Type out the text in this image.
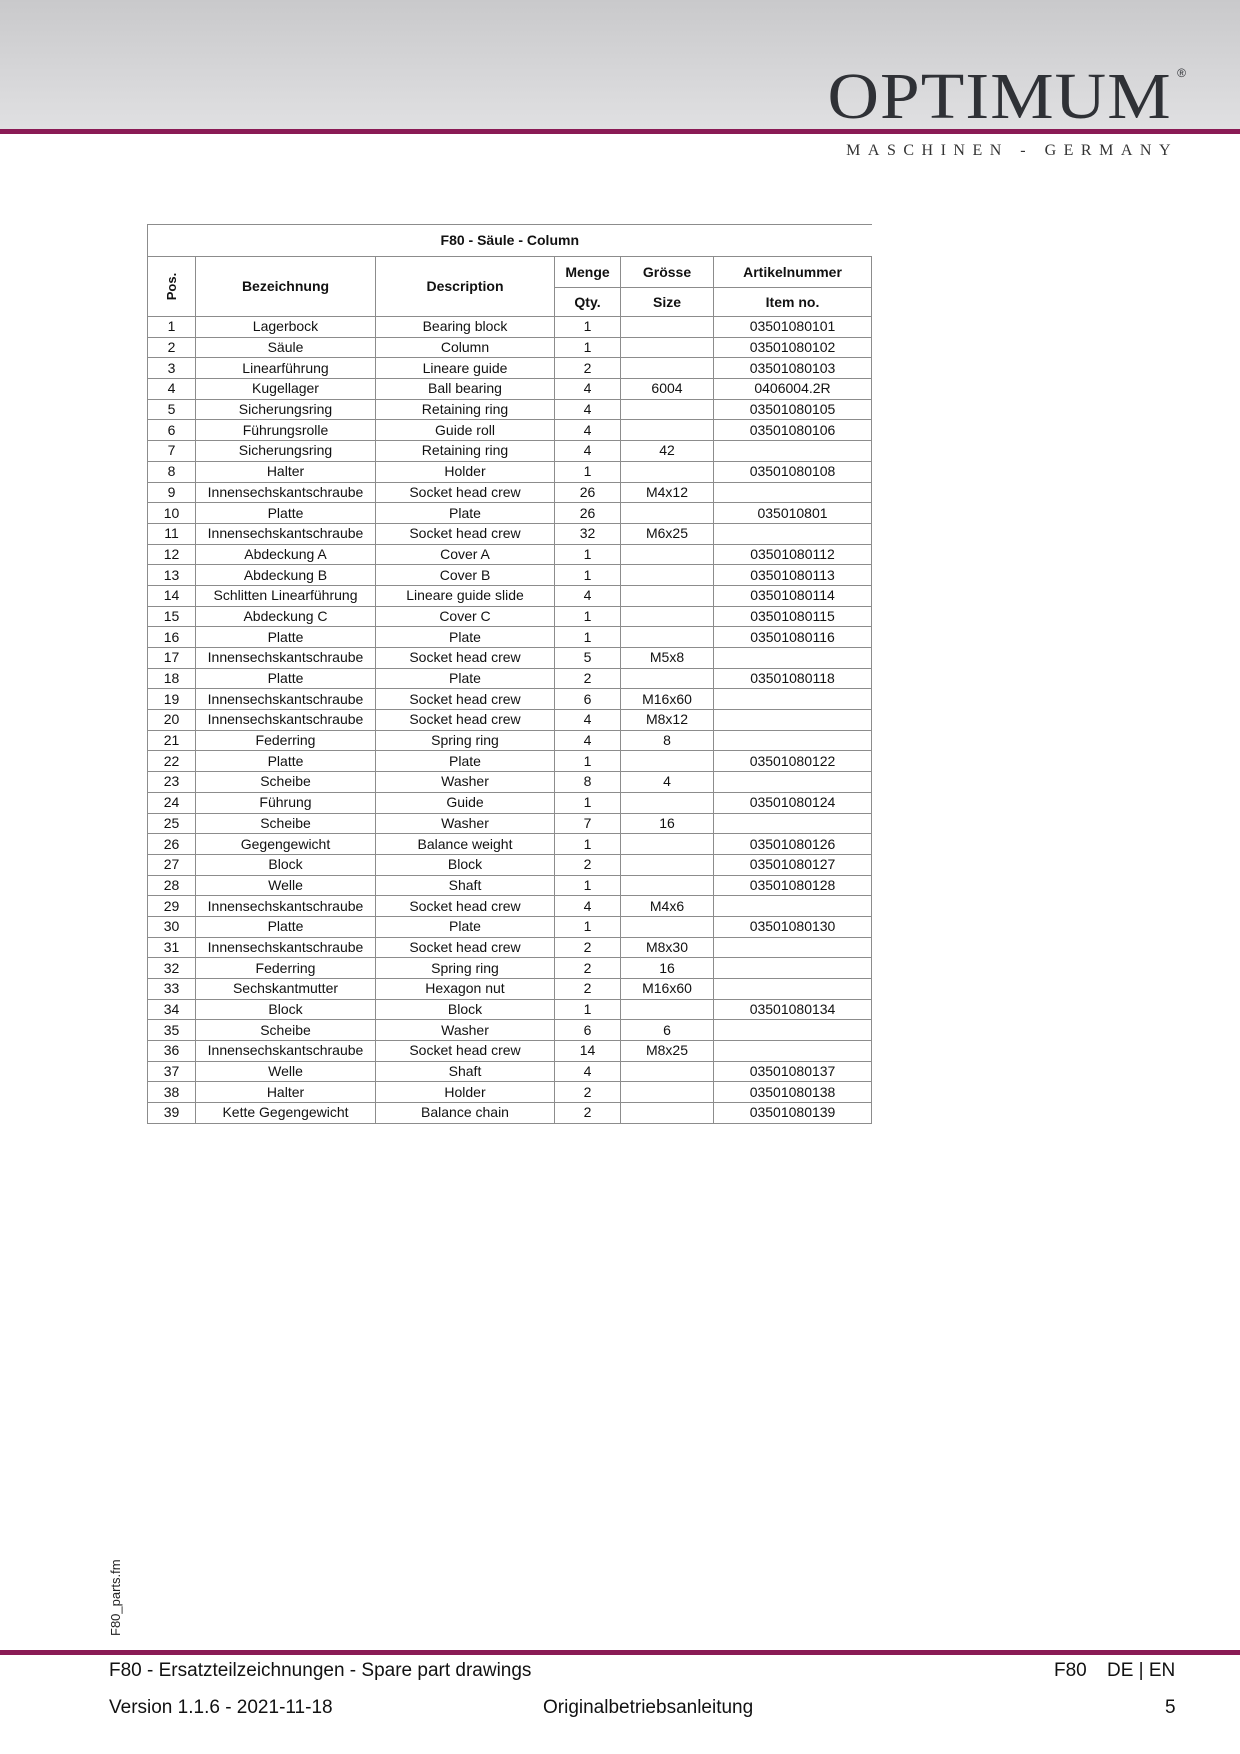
OPTIMUM ®
MASCHINEN - GERMANY
F80 - Säule - Column					
Pos.	Bezeichnung	Description	Menge	Grösse	Artikelnummer
			Qty.	Size	Item no.
1	Lagerbock	Bearing block	1		03501080101
2	Säule	Column	1		03501080102
3	Linearführung	Lineare guide	2		03501080103
4	Kugellager	Ball bearing	4	6004	0406004.2R
5	Sicherungsring	Retaining ring	4		03501080105
6	Führungsrolle	Guide roll	4		03501080106
7	Sicherungsring	Retaining ring	4	42	
8	Halter	Holder	1		03501080108
9	Innensechskantschraube	Socket head crew	26	M4x12	
10	Platte	Plate	26		035010801
11	Innensechskantschraube	Socket head crew	32	M6x25	
12	Abdeckung A	Cover A	1		03501080112
13	Abdeckung B	Cover B	1		03501080113
14	Schlitten Linearführung	Lineare guide slide	4		03501080114
15	Abdeckung C	Cover C	1		03501080115
16	Platte	Plate	1		03501080116
17	Innensechskantschraube	Socket head crew	5	M5x8	
18	Platte	Plate	2		03501080118
19	Innensechskantschraube	Socket head crew	6	M16x60	
20	Innensechskantschraube	Socket head crew	4	M8x12	
21	Federring	Spring ring	4	8	
22	Platte	Plate	1		03501080122
23	Scheibe	Washer	8	4	
24	Führung	Guide	1		03501080124
25	Scheibe	Washer	7	16	
26	Gegengewicht	Balance weight	1		03501080126
27	Block	Block	2		03501080127
28	Welle	Shaft	1		03501080128
29	Innensechskantschraube	Socket head crew	4	M4x6	
30	Platte	Plate	1		03501080130
31	Innensechskantschraube	Socket head crew	2	M8x30	
32	Federring	Spring ring	2	16	
33	Sechskantmutter	Hexagon nut	2	M16x60	
34	Block	Block	1		03501080134
35	Scheibe	Washer	6	6	
36	Innensechskantschraube	Socket head crew	14	M8x25	
37	Welle	Shaft	4		03501080137
38	Halter	Holder	2		03501080138
39	Kette Gegengewicht	Balance chain	2		03501080139
F80_parts.fm
F80 - Ersatzteilzeichnungen - Spare part drawings	F80 DE | EN
Version 1.1.6 - 2021-11-18	Originalbetriebsanleitung	5
